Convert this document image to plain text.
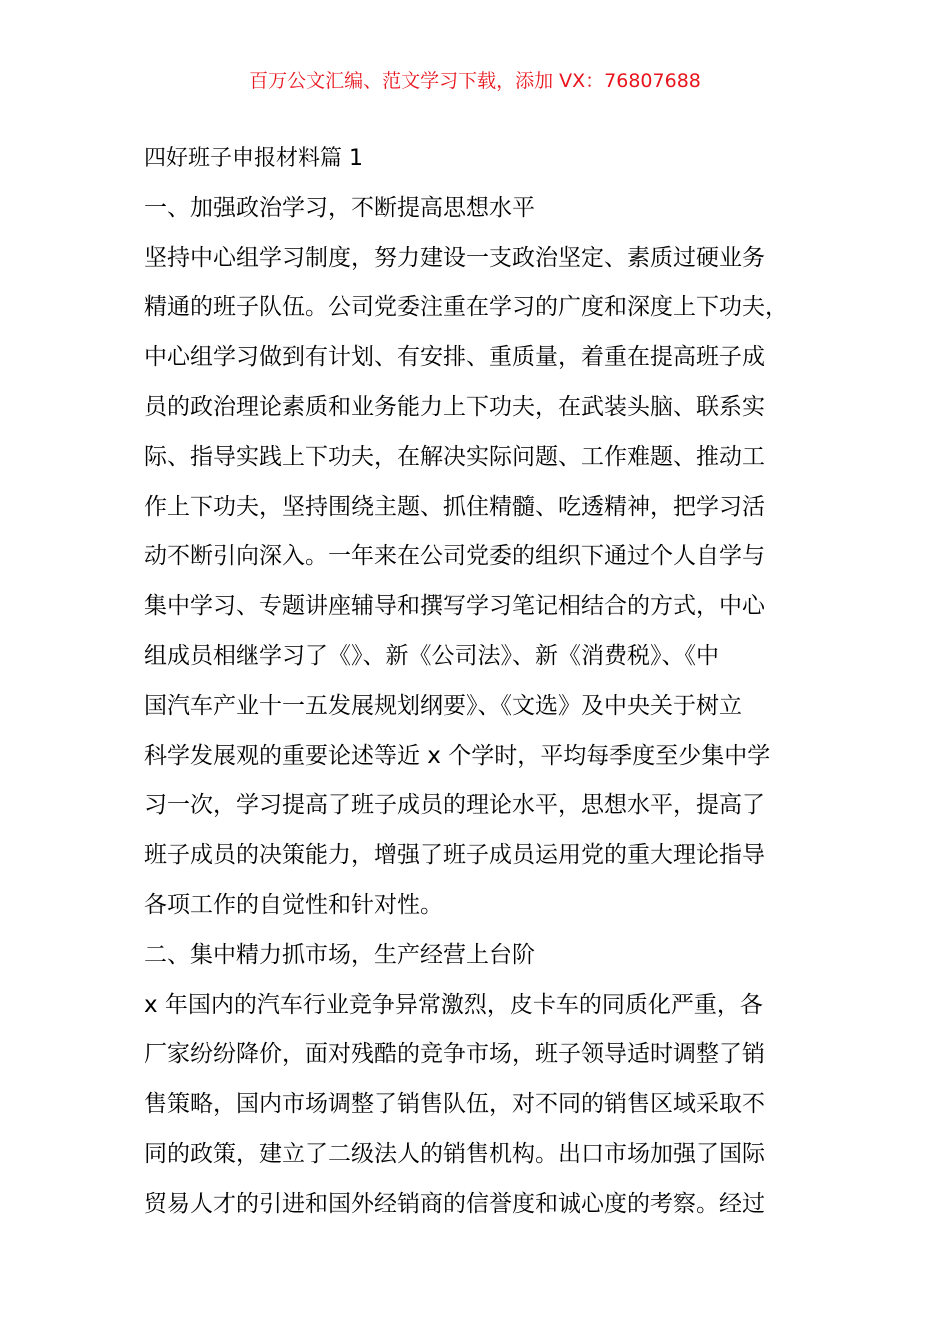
百万公文汇编、范文学习下载，添加 VX：76807688
四好班子申报材料篇 1
一、加强政治学习，不断提高思想水平
坚持中心组学习制度，努力建设一支政治坚定、素质过硬业务
精通的班子队伍。公司党委注重在学习的广度和深度上下功夫，
中心组学习做到有计划、有安排、重质量，着重在提高班子成
员的政治理论素质和业务能力上下功夫，在武装头脑、联系实
际、指导实践上下功夫，在解决实际问题、工作难题、推动工
作上下功夫，坚持围绕主题、抓住精髓、吃透精神，把学习活
动不断引向深入。一年来在公司党委的组织下通过个人自学与
集中学习、专题讲座辅导和撰写学习笔记相结合的方式，中心
组成员相继学习了《》、新《公司法》、新《消费税》、《中
国汽车产业十一五发展规划纲要》、《文选》及中央关于树立
科学发展观的重要论述等近 x 个学时，平均每季度至少集中学
习一次，学习提高了班子成员的理论水平，思想水平，提高了
班子成员的决策能力，增强了班子成员运用党的重大理论指导
各项工作的自觉性和针对性。
二、集中精力抓市场，生产经营上台阶
x 年国内的汽车行业竞争异常激烈，皮卡车的同质化严重，各
厂家纷纷降价，面对残酷的竞争市场，班子领导适时调整了销
售策略，国内市场调整了销售队伍，对不同的销售区域采取不
同的政策，建立了二级法人的销售机构。出口市场加强了国际
贸易人才的引进和国外经销商的信誉度和诚心度的考察。经过
